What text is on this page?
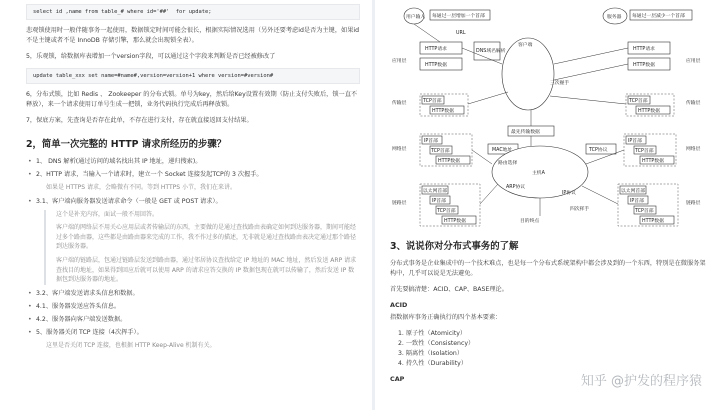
select id ,name from table_# where id='##'  for update;

悲观锁使用时一般伴随事务一起使用，数据锁定时间可能会很长，根据实际情况选用（另外还要考虑id是否为主键，如果id不是主键或者不是 InnoDB 存储引擎，那么就会出现锁全表）。

5，乐观锁，给数据库表增加一个version字段，可以通过这个字段来判断是否已经被修改了

update table_xxx set name=#name#,version=version+1 where version=#version#

6，分布式锁，比如 Redis 、 Zookeeper 的分布式锁。单号为key，然后给Key设置有效期（防止支付失败后，锁一直不释放），来一个请求使用订单号生成一把锁，业务代码执行完成后再释放锁。

7，保底方案，先查询是否存在此单，不存在进行支付，存在就直接返回支付结果。

2，简单一次完整的 HTTP 请求所经历的步骤？
• 1、 DNS 解析(通过访问的域名找出其 IP 地址，递归搜索)。
• 2、HTTP 请求，当输入一个请求时，建立一个 Socket 连接发起TCP的 3 次握手。
如果是 HTTPS 请求，会略微有不同。等到 HTTPS 小节，我们在来讲。
• 3.1、客户端向服务器发送请求命令（一般是 GET 或 POST 请求）。
这个是补充内容，面试一般不用回答。
客户端的网络层不用关心应用层或者传输层的东西，主要做的是通过查找路由表确定如何到达服务器，期间可能经过多个路由器，这些都是由路由器来完成的工作，我不作过多的描述，无非就是通过查找路由表决定通过那个路径到达服务器。
客户端的链路层，包通过链路层发送到路由器，通过邻居协议查找给定 IP 地址的 MAC 地址，然后发送 ARP 请求查找目的地址，如果得到回应后就可以使用 ARP 的请求应答交换的 IP 数据包现在就可以传输了，然后发送 IP 数据包到达服务器的地址。
• 3.2、客户端发送请求头信息和数据。
• 4.1、服务器发送应答头信息。
• 4.2、服务器向客户端发送数据。
• 5、服务器关闭 TCP 连接（4次挥手）。
这里是否关闭 TCP 连接，也根据 HTTP Keep-Alive 机制有关。
应用层
传输层
网络层
链路层
应用层
传输层
网络层
链路层
用户输入 每通过一层增加一个首部	服务器 每通过一层减少一个首部
HTTP请求
HTTP数据
DNS域名解析
URL
客户端
三次握手
HTTP请求
HTTP数据
TCP首部
HTTP数据
TCP首部
HTTP数据
IP首部
TCP首部
HTTP数据
IP首部
TCP首部
HTTP数据
最先传输数据
MAC地址
主机A
路由选择
ARP协议
TCP协议
IP协议
四次挥手
目的终点
以太网首部
IP首部
TCP首部
HTTP数据
以太网首部
IP首部
TCP首部
HTTP数据
3、说说你对分布式事务的了解

分布式事务是企业集成中的一个技术难点，也是每一个分布式系统架构中都会涉及到的一个东西，特别是在微服务架构中，几乎可以说是无法避免。

首先要搞清楚：ACID、CAP、BASE理论。

ACID

指数据库事务正确执行的四个基本要素：

1. 原子性（Atomicity）
2. 一致性（Consistency）
3. 隔离性（Isolation）
4. 持久性（Durability）
CAP	知乎 @护发的程序猿
